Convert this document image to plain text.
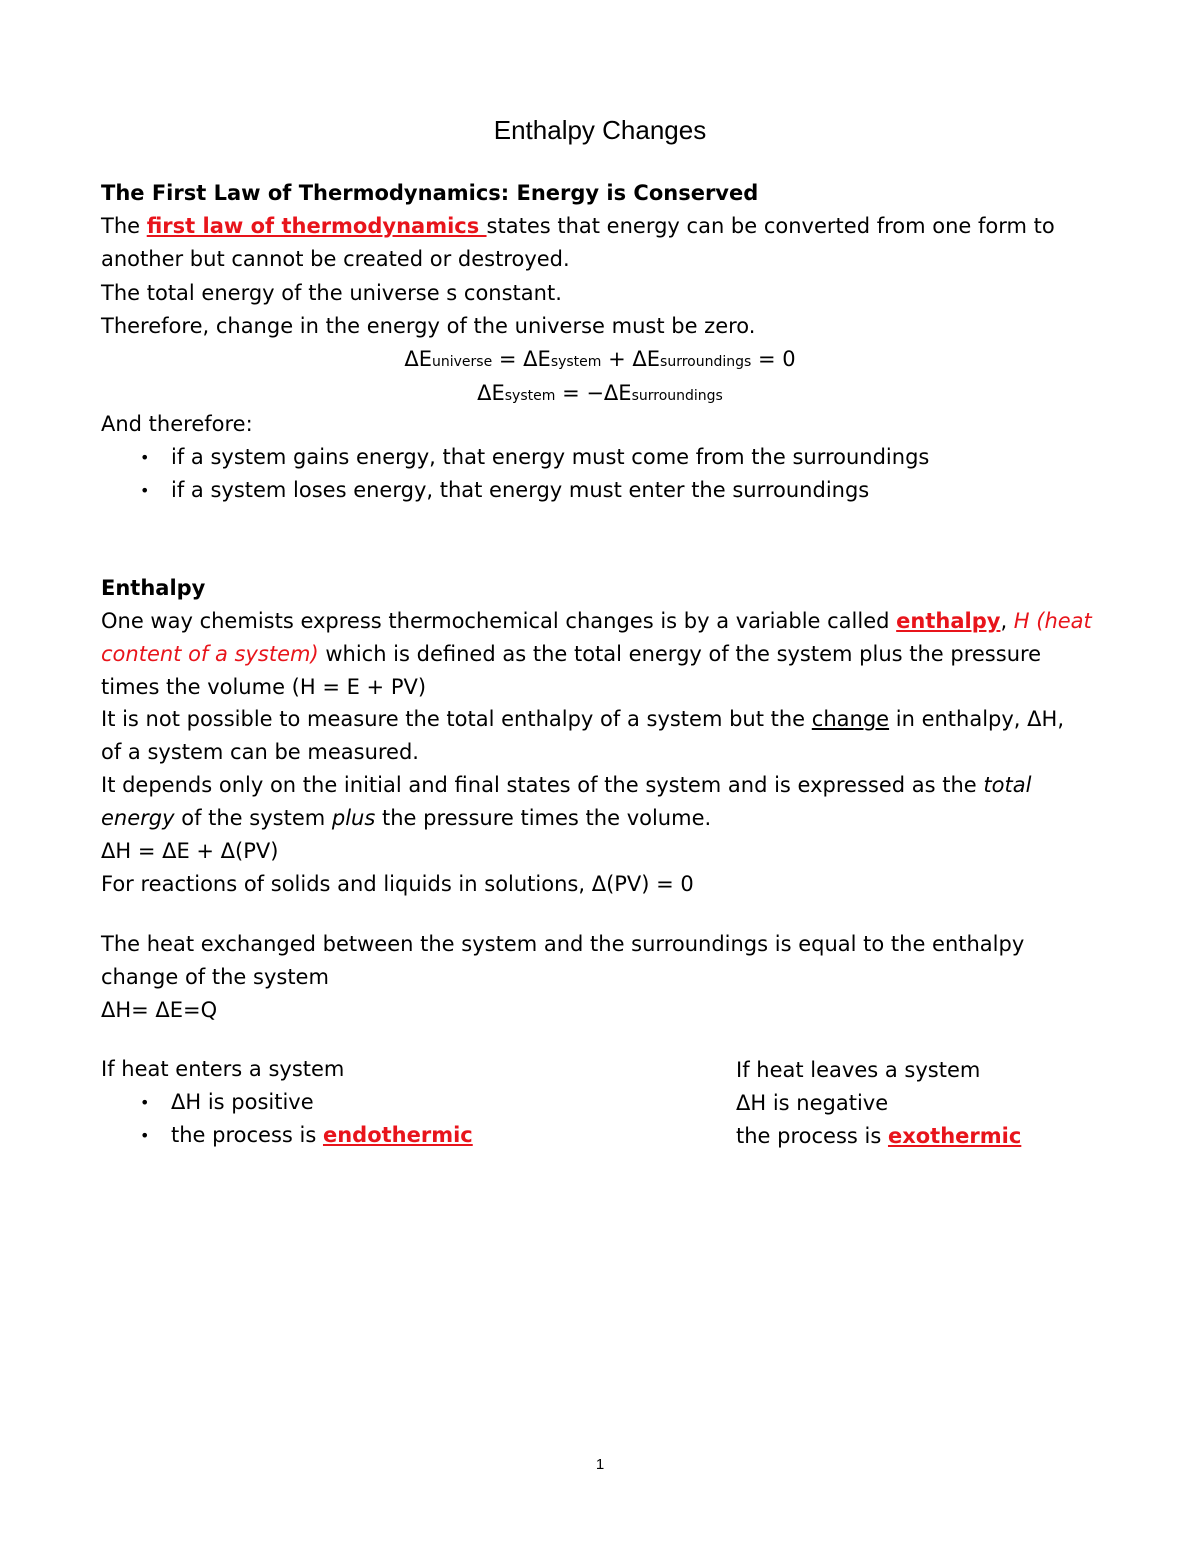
Enthalpy Changes
The First Law of Thermodynamics: Energy is Conserved
The first law of thermodynamics states that energy can be converted from one form to
another but cannot be created or destroyed.
The total energy of the universe s constant.
Therefore, change in the energy of the universe must be zero.
ΔEuniverse = ΔEsystem + ΔEsurroundings = 0
ΔEsystem = −ΔEsurroundings
And therefore:
• if a system gains energy, that energy must come from the surroundings
• if a system loses energy, that energy must enter the surroundings
Enthalpy
One way chemists express thermochemical changes is by a variable called enthalpy, H (heat
content of a system) which is defined as the total energy of the system plus the pressure
times the volume (H = E + PV)
It is not possible to measure the total enthalpy of a system but the change in enthalpy, ΔH,
of a system can be measured.
It depends only on the initial and final states of the system and is expressed as the total
energy of the system plus the pressure times the volume.
ΔH = ΔE + Δ(PV)
For reactions of solids and liquids in solutions, Δ(PV) = 0
The heat exchanged between the system and the surroundings is equal to the enthalpy
change of the system
ΔH= ΔE=Q
If heat enters a system
• ΔH is positive
• the process is endothermic
If heat leaves a system
ΔH is negative
the process is exothermic
1
